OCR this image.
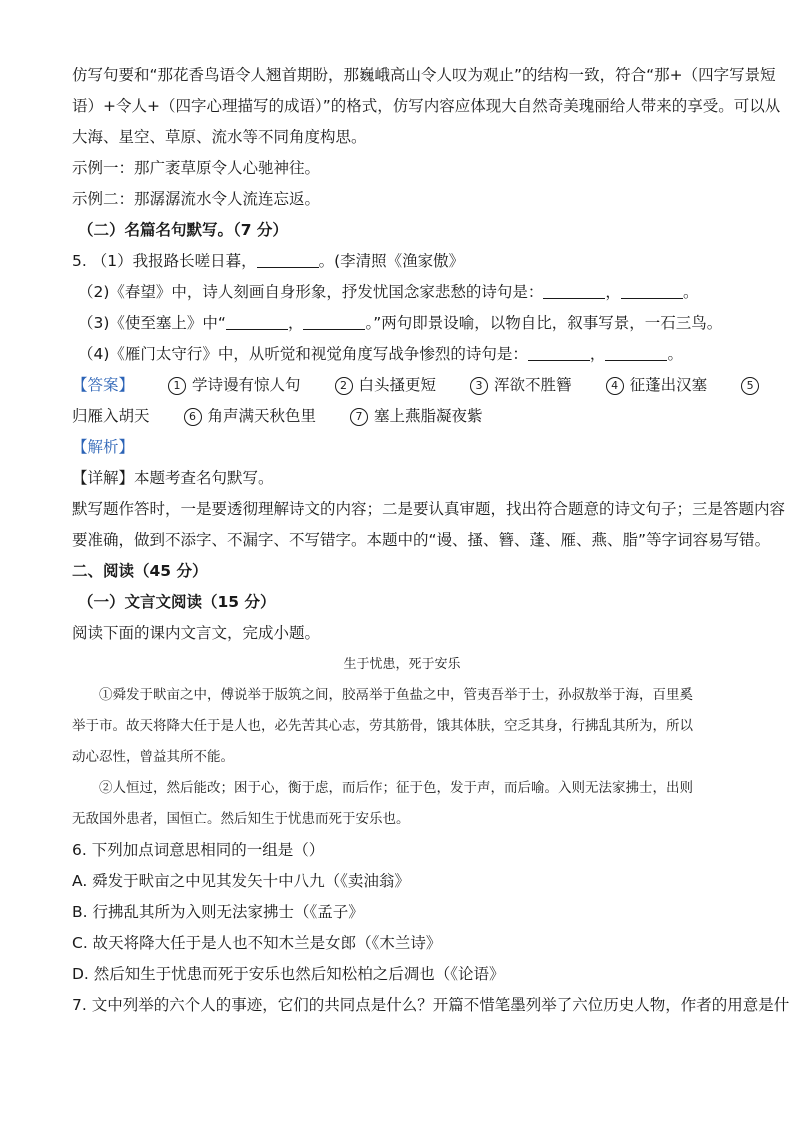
仿写句要和“那花香鸟语令人翘首期盼，那巍峨高山令人叹为观止”的结构一致，符合“那+（四字写景短
语）+令人+（四字心理描写的成语）”的格式，仿写内容应体现大自然奇美瑰丽给人带来的享受。可以从
大海、星空、草原、流水等不同角度构思。
示例一：那广袤草原令人心驰神往。
示例二：那潺潺流水令人流连忘返。
（二）名篇名句默写。（7 分）
5. （1）我报路长嗟日暮，	。(李清照《渔家傲》
（2)《春望》中，诗人刻画自身形象，抒发忧国念家悲愁的诗句是：	，	。
（3)《使至塞上》中“	，	。”两句即景设喻，以物自比，叙事写景，一石三鸟。
（4)《雁门太守行》中，从听觉和视觉角度写战争惨烈的诗句是：	，	。
【答案】	1 学诗谩有惊人句	2 白头搔更短	3 浑欲不胜簪	4 征蓬出汉塞	5
归雁入胡天	6 角声满天秋色里	7 塞上燕脂凝夜紫
【解析】
【详解】本题考查名句默写。
默写题作答时，一是要透彻理解诗文的内容；二是要认真审题，找出符合题意的诗文句子；三是答题内容
要准确，做到不添字、不漏字、不写错字。本题中的“谩、搔、簪、蓬、雁、燕、脂”等字词容易写错。
二、阅读（45 分）
（一）文言文阅读（15 分）
阅读下面的课内文言文，完成小题。
生于忧患，死于安乐
①舜发于畎亩之中，傅说举于版筑之间，胶鬲举于鱼盐之中，管夷吾举于士，孙叔敖举于海，百里奚
举于市。故天将降大任于是人也，必先苦其心志，劳其筋骨，饿其体肤，空乏其身，行拂乱其所为，所以
动心忍性，曾益其所不能。
②人恒过，然后能改；困于心，衡于虑，而后作；征于色，发于声，而后喻。入则无法家拂士，出则
无敌国外患者，国恒亡。然后知生于忧患而死于安乐也。
6. 下列加点词意思相同的一组是（）
A. 舜发于畎亩之中见其发矢十中八九（《卖油翁》
B. 行拂乱其所为入则无法家拂士（《孟子》
C. 故天将降大任于是人也不知木兰是女郎（《木兰诗》
D. 然后知生于忧患而死于安乐也然后知松柏之后凋也（《论语》
7. 文中列举的六个人的事迹，它们的共同点是什么？开篇不惜笔墨列举了六位历史人物，作者的用意是什
